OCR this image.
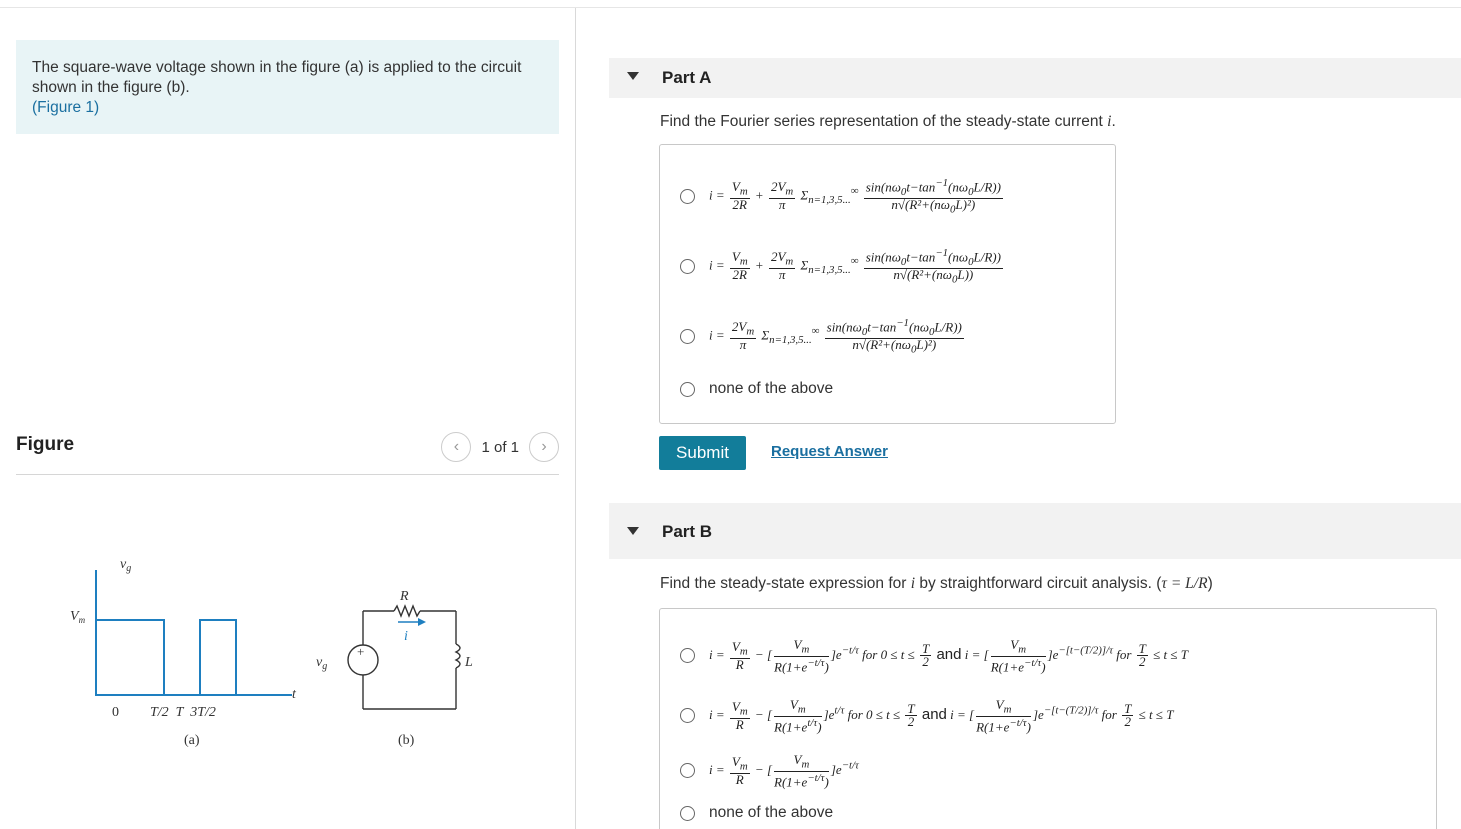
The square-wave voltage shown in the figure (a) is applied to the circuit shown in the figure (b).
(Figure 1)
Figure	‹ 1 of 1 ›
$v_g$
$V_m$
t
0 T/2  T  3T/2
(a)
+
R
i
L
$v_g$
(b)
Part A
Find the Fourier series representation of the steady-state current i.
$i = \frac{V_m}{2R} + \frac{2V_m}{\pi} \Sigma_{n=1,3,5...}^\infty \frac{\sin(n\omega_0t-\tan^{-1}(n\omega_0L/R))}{n√(R^2+(n\omega_0L)^2)}$
$i = \frac{V_m}{2R} + \frac{2V_m}{\pi} \Sigma_{n=1,3,5...}^\infty \frac{\sin(n\omega_0t-\tan^{-1}(n\omega_0L/R))}{n√(R^2+(n\omega_0L))}$
$i = \frac{2V_m}{\pi} \Sigma_{n=1,3,5...}^\infty \frac{\sin(n\omega_0t-\tan^{-1}(n\omega_0L/R))}{n√(R^2+(n\omega_0L)^2)}$
none of the above
Submit	Request Answer
Part B
Find the steady-state expression for i by straightforward circuit analysis. (τ = L/R)
$i = \frac{V_m}{R}$ − [ $\frac{V_m}{R(1+e^{-t/\tau})} ]e^{-t/\tau}$ for $0 \le t \le \frac{T}{2}$ and i = [ $\frac{V_m}{R(1+e^{-t/\tau})} ]e^{-[t-(T/2)]/\tau}$ for $\frac{T}{2} \le t \le T$
$i = \frac{V_m}{R}$ − [ $\frac{V_m}{R(1+e^{t/\tau})} ]e^{t/\tau}$ for $0 \le t \le \frac{T}{2}$ and i = [ $\frac{V_m}{R(1+e^{-t/\tau})} ]e^{-[t-(T/2)]/\tau}$ for $\frac{T}{2} \le t \le T$
$i = \frac{V_m}{R}$ − [ $\frac{V_m}{R(1+e^{-t/\tau})} ]e^{-t/\tau}$
none of the above
